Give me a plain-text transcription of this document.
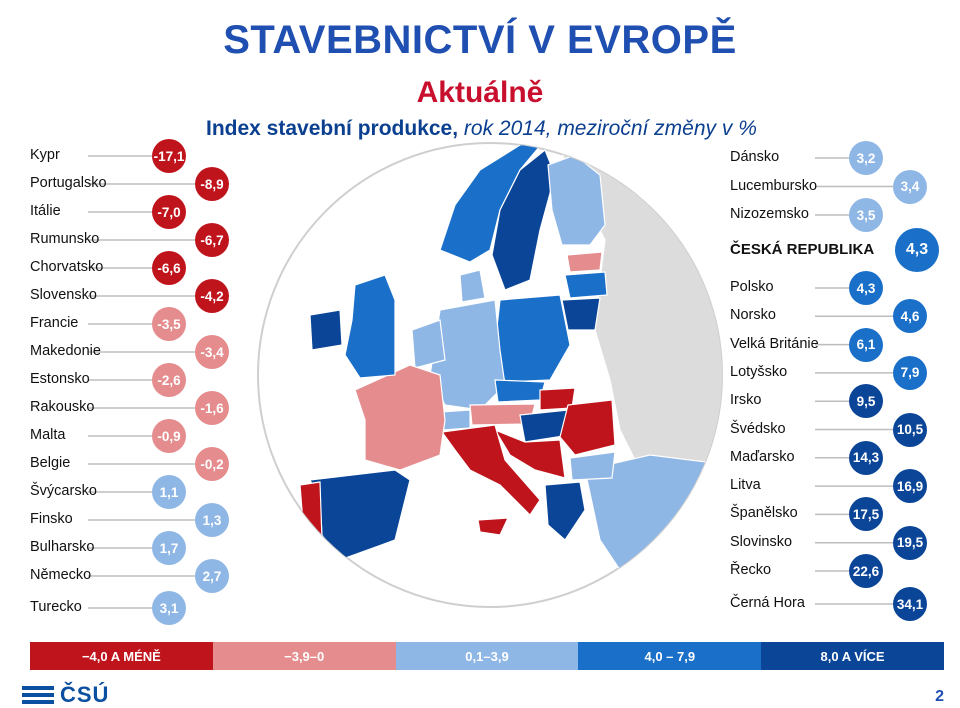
STAVEBNICTVÍ V EVROPĚ
Aktuálně
Index stavební produkce, rok 2014, meziroční změny v %
Kypr	-17,1
Portugalsko	-8,9
Itálie	-7,0
Rumunsko	-6,7
Chorvatsko	-6,6
Slovensko	-4,2
Francie	-3,5
Makedonie	-3,4
Estonsko	-2,6
Rakousko	-1,6
Malta	-0,9
Belgie	-0,2
Švýcarsko	1,1
Finsko	1,3
Bulharsko	1,7
Německo	2,7
Turecko	3,1
Dánsko	3,2
Lucembursko	3,4
Nizozemsko	3,5
ČESKÁ REPUBLIKA	4,3
Polsko	4,3
Norsko	4,6
Velká Británie	6,1
Lotyšsko	7,9
Irsko	9,5
Švédsko	10,5
Maďarsko	14,3
Litva	16,9
Španělsko	17,5
Slovinsko	19,5
Řecko	22,6
Černá Hora	34,1
−4,0 A MÉNĚ	−3,9–0	0,1–3,9	4,0 – 7,9	8,0 A VÍCE
ČSÚ	2
